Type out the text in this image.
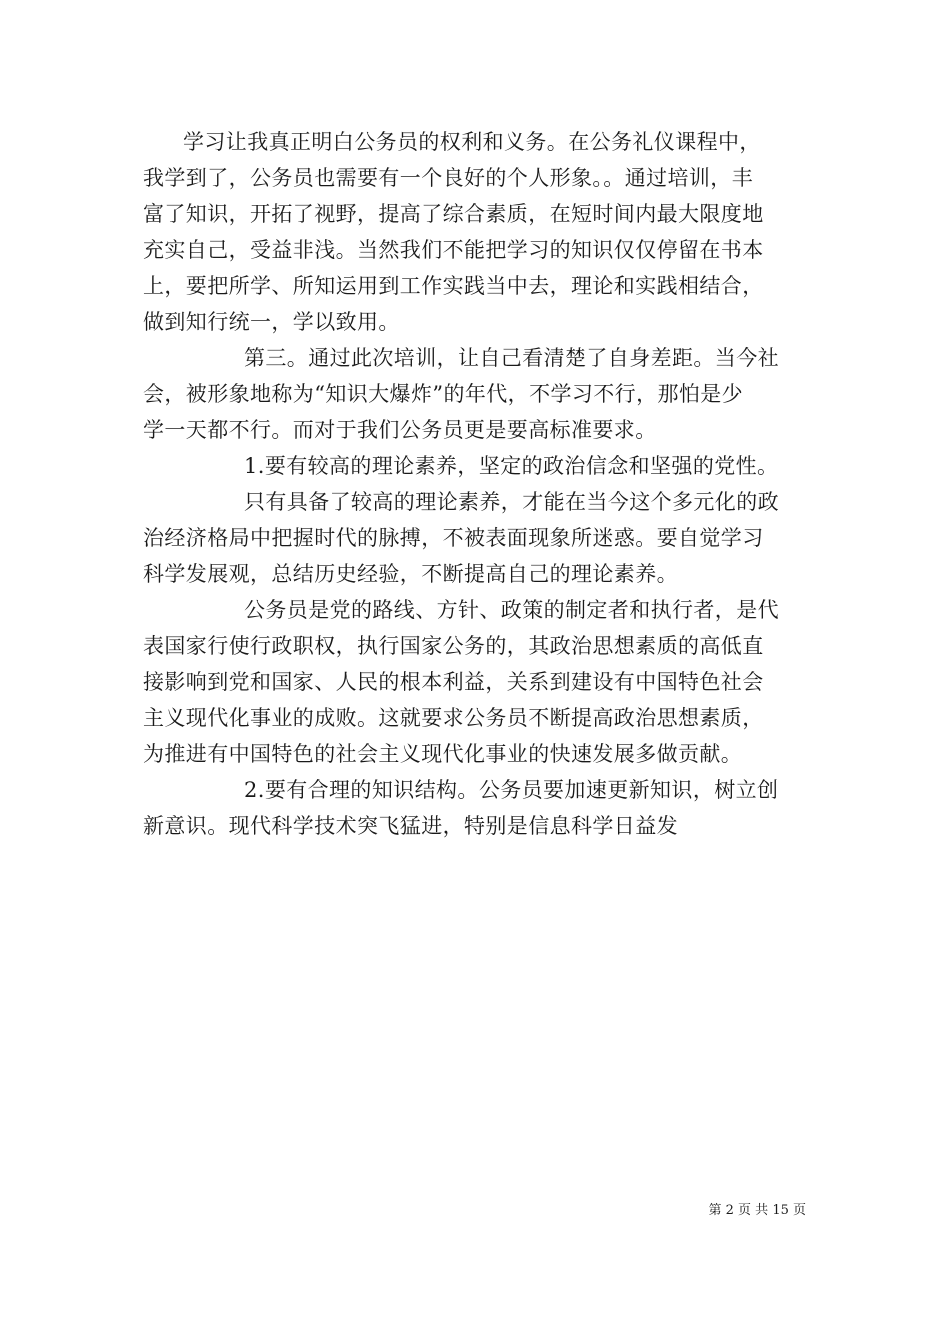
学习让我真正明白公务员的权利和义务。在公务礼仪课程中，
我学到了，公务员也需要有一个良好的个人形象。。通过培训，丰
富了知识，开拓了视野，提高了综合素质，在短时间内最大限度地
充实自己，受益非浅。当然我们不能把学习的知识仅仅停留在书本
上，要把所学、所知运用到工作实践当中去，理论和实践相结合，
做到知行统一，学以致用。
第三。通过此次培训，让自己看清楚了自身差距。当今社
会，被形象地称为“知识大爆炸”的年代，不学习不行，那怕是少
学一天都不行。而对于我们公务员更是要高标准要求。
1.要有较高的理论素养，坚定的政治信念和坚强的党性。
只有具备了较高的理论素养，才能在当今这个多元化的政
治经济格局中把握时代的脉搏，不被表面现象所迷惑。要自觉学习
科学发展观，总结历史经验，不断提高自己的理论素养。
公务员是党的路线、方针、政策的制定者和执行者，是代
表国家行使行政职权，执行国家公务的，其政治思想素质的高低直
接影响到党和国家、人民的根本利益，关系到建设有中国特色社会
主义现代化事业的成败。这就要求公务员不断提高政治思想素质，
为推进有中国特色的社会主义现代化事业的快速发展多做贡献。
2.要有合理的知识结构。公务员要加速更新知识，树立创
新意识。现代科学技术突飞猛进，特别是信息科学日益发
第 2 页 共 15 页
